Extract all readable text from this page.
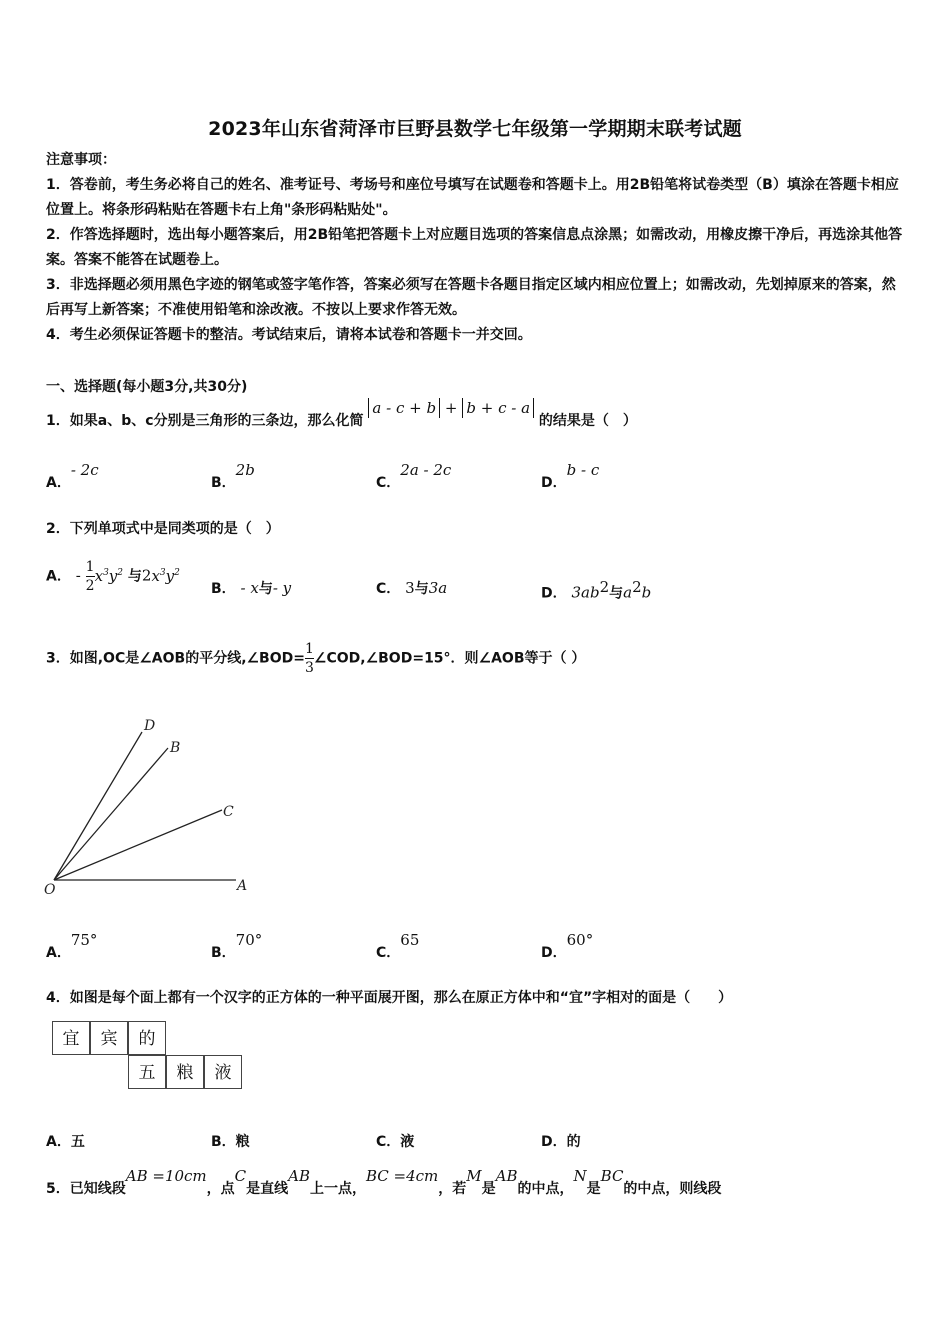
2023年山东省菏泽市巨野县数学七年级第一学期期末联考试题

注意事项：

1．答卷前，考生务必将自己的姓名、准考证号、考场号和座位号填写在试题卷和答题卡上。用2B铅笔将试卷类型（B）填涂在答题卡相应位置上。将条形码粘贴在答题卡右上角"条形码粘贴处"。

2．作答选择题时，选出每小题答案后，用2B铅笔把答题卡上对应题目选项的答案信息点涂黑；如需改动，用橡皮擦干净后，再选涂其他答案。答案不能答在试题卷上。

3．非选择题必须用黑色字迹的钢笔或签字笔作答，答案必须写在答题卡各题目指定区域内相应位置上；如需改动，先划掉原来的答案，然后再写上新答案；不准使用铅笔和涂改液。不按以上要求作答无效。

4．考生必须保证答题卡的整洁。考试结束后，请将本试卷和答题卡一并交回。

一、选择题(每小题3分,共30分)
1．如果a、b、c分别是三角形的三条边，那么化简 a - c + b + b + c - a 的结果是（　）
A．- 2c
B．2b
C．2a - 2c
D．b - c
2．下列单项式中是同类项的是（　）
A． - $\frac{1}{2} x^3y^2$ 与$2x^3y^2$
B． - x与- y	C． 3与3a	D． $3ab^2$与$a^2b$
3．如图,OC是∠AOB的平分线,∠BOD= $\frac{1}{3}$ ∠COD,∠BOD=15°．则∠AOB等于（ ）
D
B
C
O	A
A．75°
B．70°
C．65
D．60°
4．如图是每个面上都有一个汉字的正方体的一种平面展开图，那么在原正方体中和“宜”字相对的面是（　　）
宜	宾	的
五	粮	液
A．五	B．粮	C．液	D．的
5．已知线段AB =10cm，点C是直线AB上一点，BC =4cm，若M是AB的中点，N是BC的中点，则线段
